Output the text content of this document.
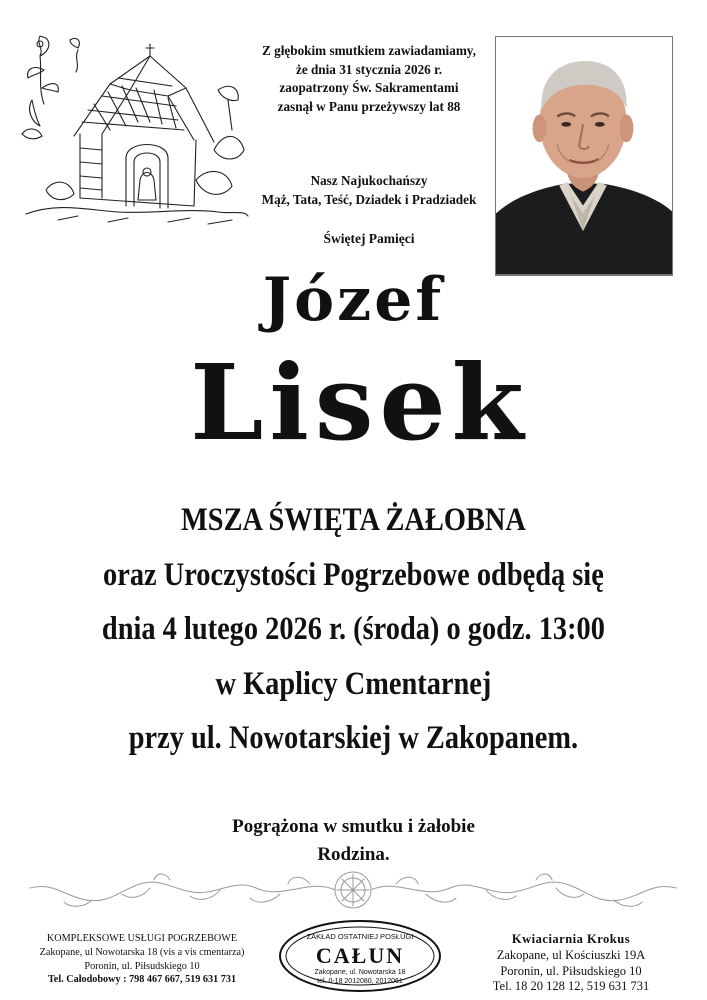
Z głębokim smutkiem zawiadamiamy,
że dnia 31 stycznia 2026 r.
zaopatrzony Św. Sakramentami
zasnął w Panu przeżywszy lat 88
Nasz Najukochańszy
Mąż, Tata, Teść, Dziadek i Pradziadek
Świętej Pamięci
Józef
Lisek
MSZA ŚWIĘTA ŻAŁOBNA
oraz Uroczystości Pogrzebowe odbędą się
dnia 4 lutego 2026 r. (środa) o godz. 13:00
w Kaplicy Cmentarnej
przy ul. Nowotarskiej w Zakopanem.
Pogrążona w smutku i żałobie
Rodzina.
KOMPLEKSOWE USŁUGI POGRZEBOWE
Zakopane, ul Nowotarska 18 (vis a vis cmentarza)
Poronin, ul. Piłsudskiego 10
Tel. Całodobowy : 798 467 667, 519 631 731
ZAKŁAD OSTATNIEJ POSŁUGI
CAŁUN
Zakopane, ul. Nowotarska 18
tel. 0-18 2012080, 2012061
Kwiaciarnia Krokus
Zakopane, ul Kościuszki 19A
Poronin, ul. Piłsudskiego 10
Tel. 18 20 128 12, 519 631 731
